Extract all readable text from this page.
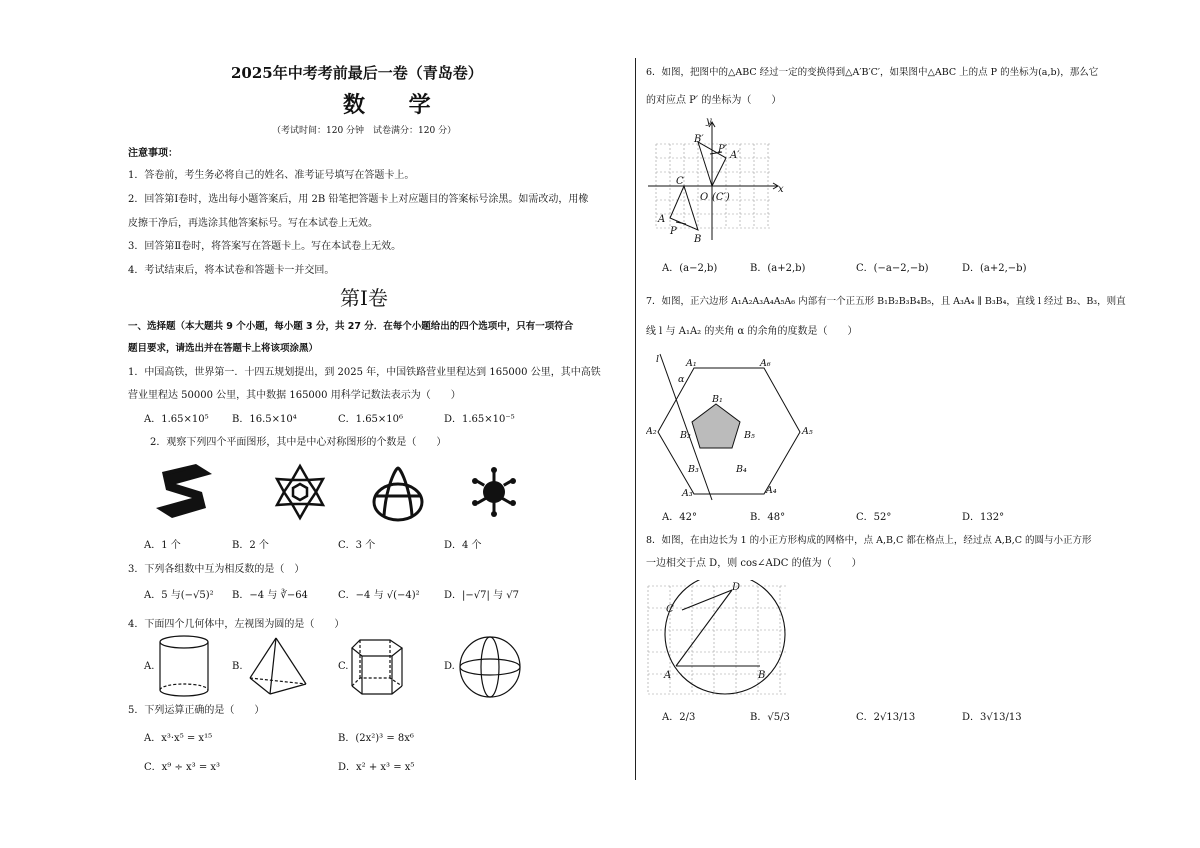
2025年中考考前最后一卷（青岛卷）
数 学
（考试时间：120 分钟　试卷满分：120 分）
注意事项：
1．答卷前，考生务必将自己的姓名、准考证号填写在答题卡上。
2．回答第Ⅰ卷时，选出每小题答案后，用 2B 铅笔把答题卡上对应题目的答案标号涂黑。如需改动，用橡
皮擦干净后，再选涂其他答案标号。写在本试卷上无效。
3．回答第Ⅱ卷时，将答案写在答题卡上。写在本试卷上无效。
4．考试结束后，将本试卷和答题卡一并交回。
第Ⅰ卷
一、选择题（本大题共 9 个小题，每小题 3 分，共 27 分．在每个小题给出的四个选项中，只有一项符合
题目要求，请选出并在答题卡上将该项涂黑）
1．中国高铁，世界第一．十四五规划提出，到 2025 年，中国铁路营业里程达到 165000 公里，其中高铁
营业里程达 50000 公里，其中数据 165000 用科学记数法表示为（　　）
A．1.65×10⁵ B．16.5×10⁴	C．1.65×10⁶	D．1.65×10⁻⁵
2．观察下列四个平面图形，其中是中心对称图形的个数是（　　）
A．1 个	B．2 个	C．3 个	D．4 个
3．下列各组数中互为相反数的是（　）
A．5 与(−√5)² B．−4 与 ∛−64	C．−4 与 √(−4)² D．|−√7| 与 √7
4．下面四个几何体中，左视图为圆的是（　　）
A.	B.	C.	D.
5．下列运算正确的是（　　）
A．x³·x⁵ = x¹⁵	B．(2x²)³ = 8x⁶
C．x⁹ ÷ x³ = x³	D．x² + x³ = x⁵
6．如图，把图中的△ABC 经过一定的变换得到△A′B′C′，如果图中△ABC 上的点 P 的坐标为(a,b)，那么它
的对应点 P′ 的坐标为（　　）
y
x
B′
P′
A′
C
O (C′)
A
P
B
A．(a−2,b)	B．(a+2,b)	C．(−a−2,−b)	D．(a+2,−b)
7．如图，正六边形 A₁A₂A₃A₄A₅A₆ 内部有一个正五形 B₁B₂B₃B₄B₅，且 A₃A₄ ∥ B₃B₄，直线 l 经过 B₂、B₃，则直
线 l 与 A₁A₂ 的夹角 α 的余角的度数是（　　）
l	A₁	A₆
α
B₁
A₂ B₂	B₅	A₅
B₃	B₄
A₃	A₄
A．42°	B．48°	C．52°	D．132°
8．如图，在由边长为 1 的小正方形构成的网格中，点 A,B,C 都在格点上，经过点 A,B,C 的圆与小正方形
一边相交于点 D，则 cos∠ADC 的值为（　　）
D
C
A	B
A．2/3	B．√5/3	C．2√13/13	D．3√13/13
